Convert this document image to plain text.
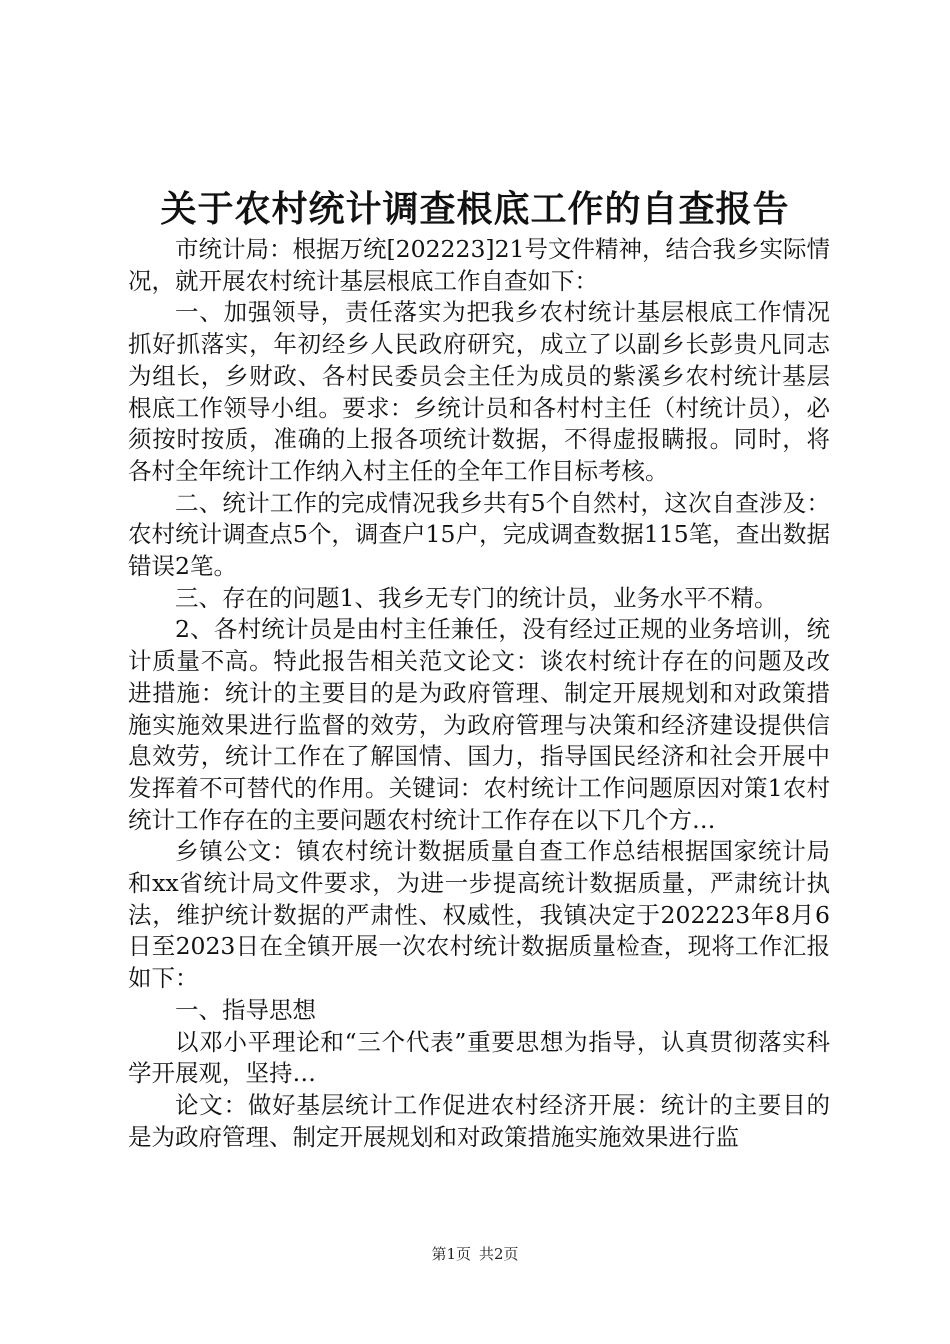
关于农村统计调查根底工作的自查报告

市统计局：根据万统[202223]21号文件精神，结合我乡实际情况，就开展农村统计基层根底工作自查如下：

一、加强领导，责任落实为把我乡农村统计基层根底工作情况抓好抓落实，年初经乡人民政府研究，成立了以副乡长彭贵凡同志为组长，乡财政、各村民委员会主任为成员的紫溪乡农村统计基层根底工作领导小组。要求：乡统计员和各村村主任（村统计员），必须按时按质，准确的上报各项统计数据，不得虚报瞒报。同时，将各村全年统计工作纳入村主任的全年工作目标考核。

二、统计工作的完成情况我乡共有5个自然村，这次自查涉及：农村统计调查点5个，调查户15户，完成调查数据115笔，查出数据错误2笔。

三、存在的问题1、我乡无专门的统计员，业务水平不精。

2、各村统计员是由村主任兼任，没有经过正规的业务培训，统计质量不高。特此报告相关范文论文：谈农村统计存在的问题及改进措施：统计的主要目的是为政府管理、制定开展规划和对政策措施实施效果进行监督的效劳，为政府管理与决策和经济建设提供信息效劳，统计工作在了解国情、国力，指导国民经济和社会开展中发挥着不可替代的作用。关键词：农村统计工作问题原因对策1农村统计工作存在的主要问题农村统计工作存在以下几个方…

乡镇公文：镇农村统计数据质量自查工作总结根据国家统计局和xx省统计局文件要求，为进一步提高统计数据质量，严肃统计执法，维护统计数据的严肃性、权威性，我镇决定于202223年8月6日至2023日在全镇开展一次农村统计数据质量检查，现将工作汇报如下：

一、指导思想

以邓小平理论和“三个代表”重要思想为指导，认真贯彻落实科学开展观，坚持…

论文：做好基层统计工作促进农村经济开展：统计的主要目的是为政府管理、制定开展规划和对政策措施实施效果进行监

第1页 共2页
